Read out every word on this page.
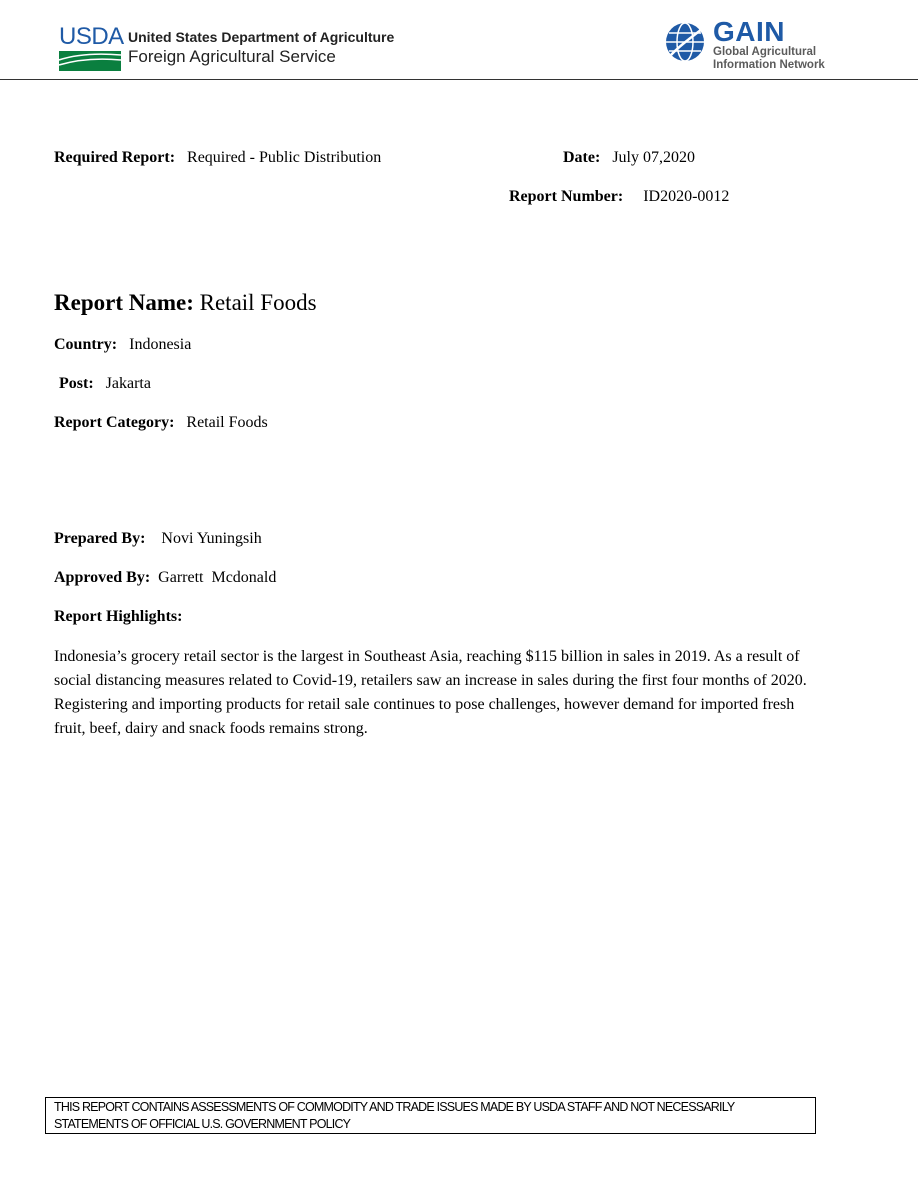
USDA United States Department of Agriculture
Foreign Agricultural Service
GAIN
Global Agricultural
Information Network
Required Report: Required - Public Distribution	Date: July 07,2020
Report Number: ID2020-0012
Report Name: Retail Foods
Country: Indonesia
Post: Jakarta
Report Category: Retail Foods
Prepared By: Novi Yuningsih
Approved By: Garrett  Mcdonald
Report Highlights:

Indonesia’s grocery retail sector is the largest in Southeast Asia, reaching $115 billion in sales in 2019. As a result of social distancing measures related to Covid-19, retailers saw an increase in sales during the first four months of 2020. Registering and importing products for retail sale continues to pose challenges, however demand for imported fresh fruit, beef, dairy and snack foods remains strong.

THIS REPORT CONTAINS ASSESSMENTS OF COMMODITY AND TRADE ISSUES MADE BY USDA STAFF AND NOT NECESSARILY STATEMENTS OF OFFICIAL U.S. GOVERNMENT POLICY
